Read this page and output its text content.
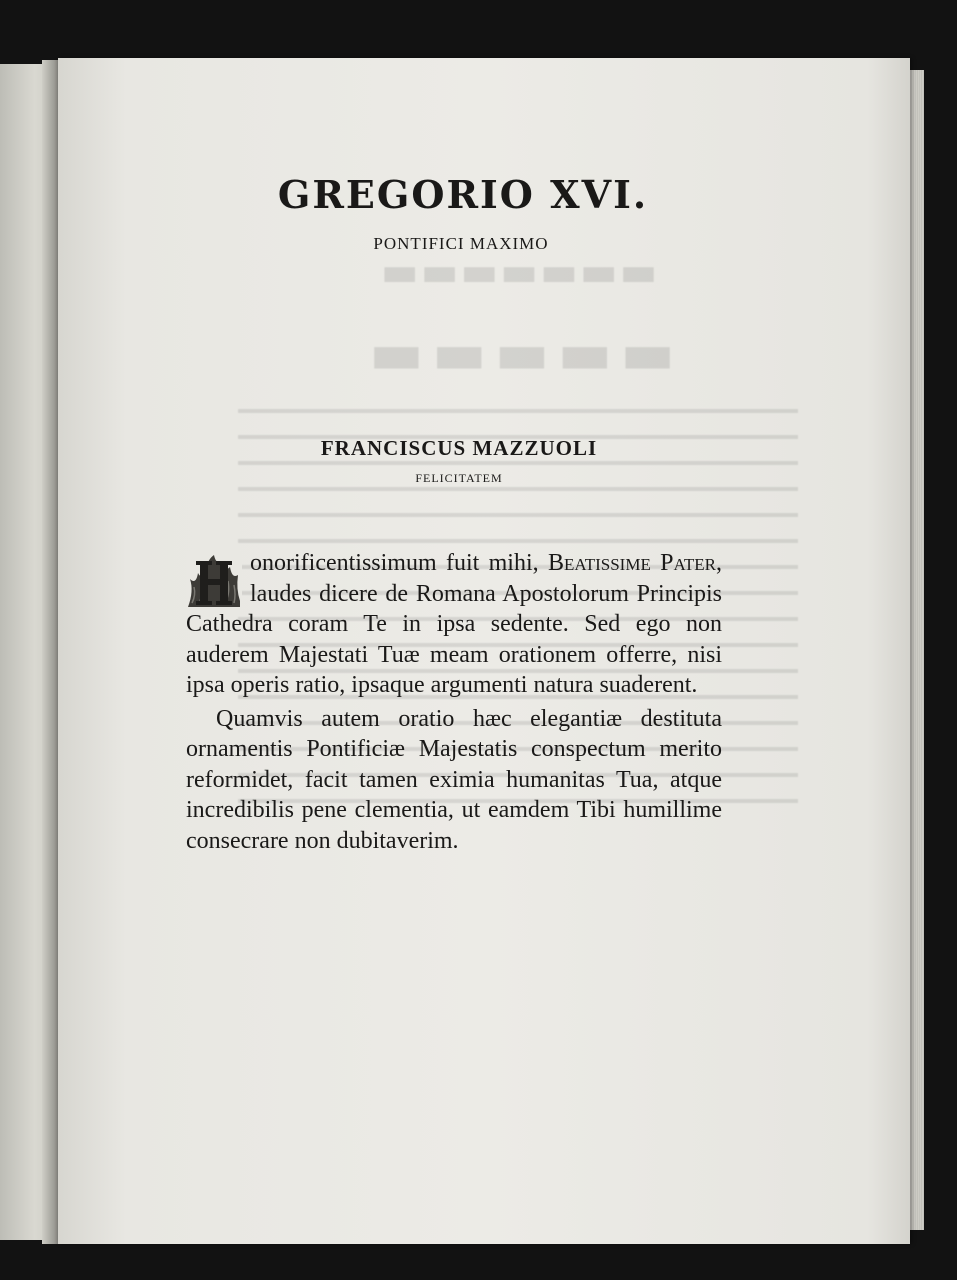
▬▬▬▬▬▬▬
▬▬▬▬▬
GREGORIO XVI.
PONTIFICI MAXIMO
FRANCISCUS MAZZUOLI
FELICITATEM

onorificentissimum fuit mihi, Beatissime Pater, laudes dicere de Romana Apostolorum Principis Cathedra coram Te in ipsa sedente. Sed ego non auderem Majestati Tuæ meam orationem offerre, nisi ipsa operis ratio, ipsaque argumenti natura suaderent.

Quamvis autem oratio hæc elegantiæ destituta ornamentis Pontificiæ Majestatis conspectum merito reformidet, facit tamen eximia humanitas Tua, atque incredibilis pene clementia, ut eamdem Tibi humillime consecrare non dubitaverim.
